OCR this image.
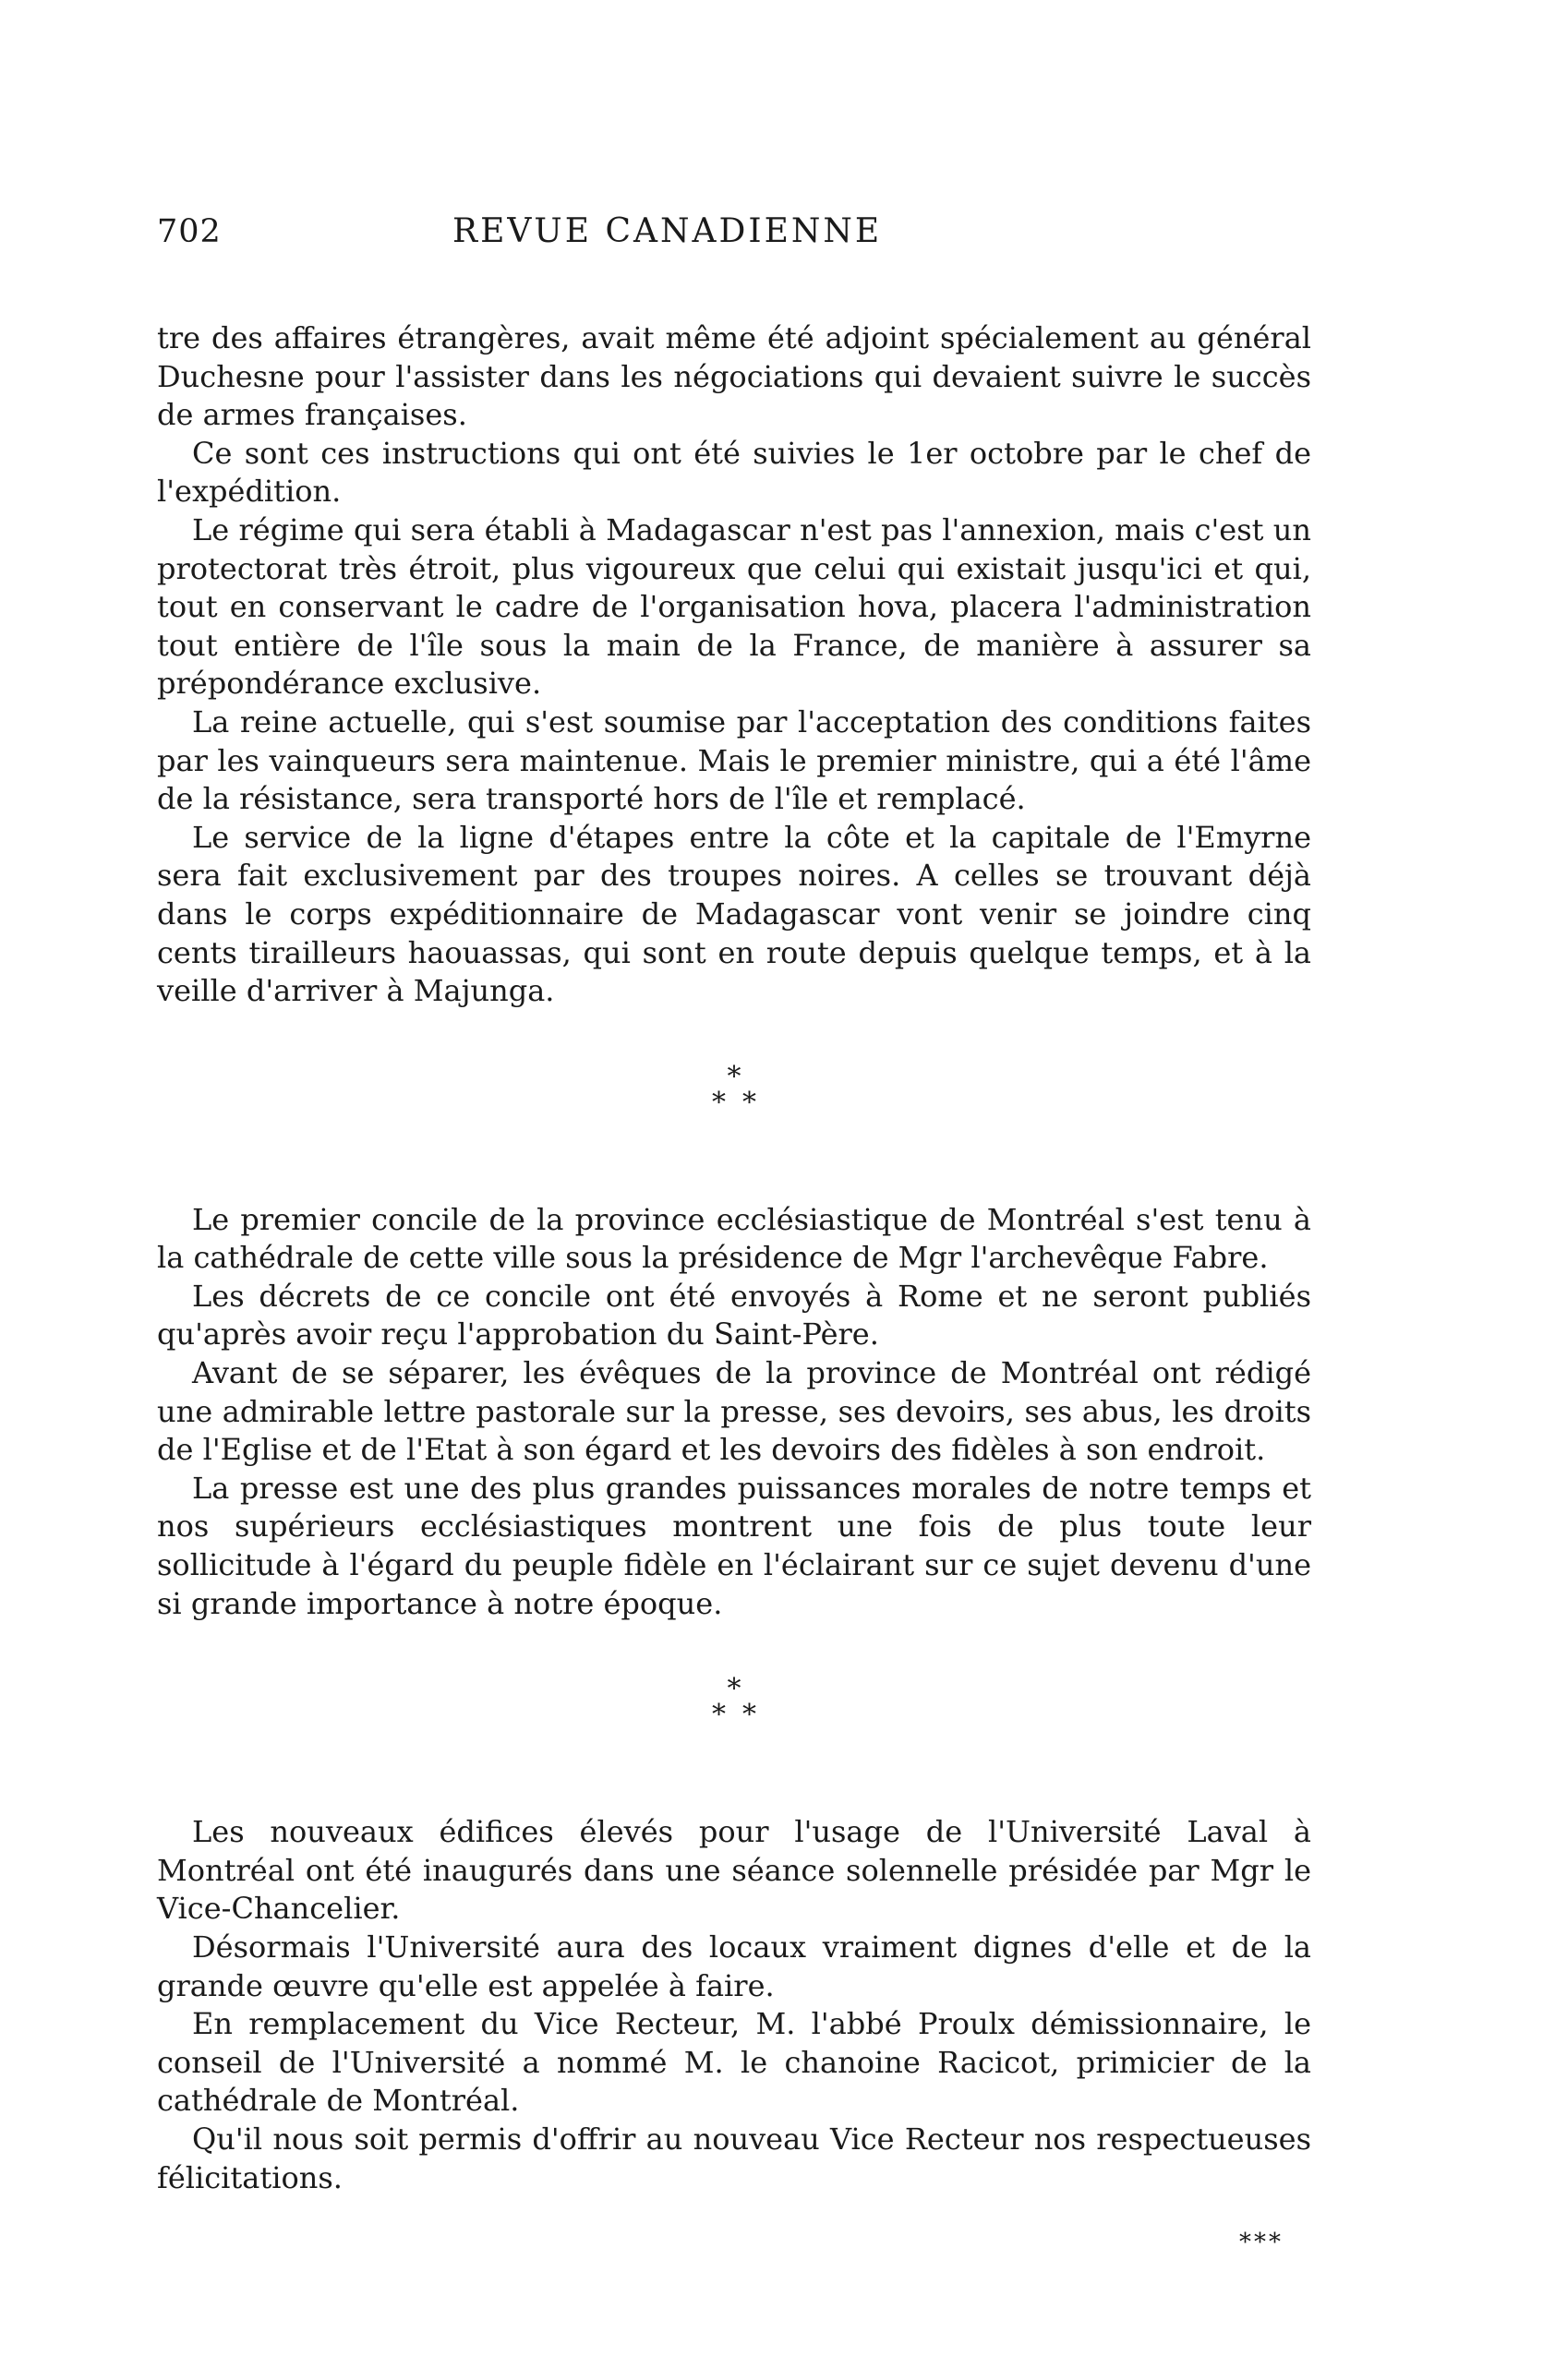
702	REVUE CANADIENNE

tre des affaires étrangères, avait même été adjoint spécialement au général Duchesne pour l'assister dans les négociations qui devaient suivre le succès de armes françaises.

Ce sont ces instructions qui ont été suivies le 1er octobre par le chef de l'expédition.

Le régime qui sera établi à Madagascar n'est pas l'annexion, mais c'est un protectorat très étroit, plus vigoureux que celui qui existait jusqu'ici et qui, tout en conservant le cadre de l'organisation hova, placera l'administration tout entière de l'île sous la main de la France, de manière à assurer sa prépondérance exclusive.

La reine actuelle, qui s'est soumise par l'acceptation des conditions faites par les vainqueurs sera maintenue. Mais le premier ministre, qui a été l'âme de la résistance, sera transporté hors de l'île et remplacé.

Le service de la ligne d'étapes entre la côte et la capitale de l'Emyrne sera fait exclusivement par des troupes noires. A celles se trouvant déjà dans le corps expéditionnaire de Madagascar vont venir se joindre cinq cents tirailleurs haouassas, qui sont en route depuis quelque temps, et à la veille d'arriver à Majunga.

*
**

Le premier concile de la province ecclésiastique de Montréal s'est tenu à la cathédrale de cette ville sous la présidence de Mgr l'archevêque Fabre.

Les décrets de ce concile ont été envoyés à Rome et ne seront publiés qu'après avoir reçu l'approbation du Saint-Père.

Avant de se séparer, les évêques de la province de Montréal ont rédigé une admirable lettre pastorale sur la presse, ses devoirs, ses abus, les droits de l'Eglise et de l'Etat à son égard et les devoirs des fidèles à son endroit.

La presse est une des plus grandes puissances morales de notre temps et nos supérieurs ecclésiastiques montrent une fois de plus toute leur sollicitude à l'égard du peuple fidèle en l'éclairant sur ce sujet devenu d'une si grande importance à notre époque.

*
**

Les nouveaux édifices élevés pour l'usage de l'Université Laval à Montréal ont été inaugurés dans une séance solennelle présidée par Mgr le Vice-Chancelier.

Désormais l'Université aura des locaux vraiment dignes d'elle et de la grande œuvre qu'elle est appelée à faire.

En remplacement du Vice Recteur, M. l'abbé Proulx démissionnaire, le conseil de l'Université a nommé M. le chanoine Racicot, primicier de la cathédrale de Montréal.

Qu'il nous soit permis d'offrir au nouveau Vice Recteur nos respectueuses félicitations.

***
